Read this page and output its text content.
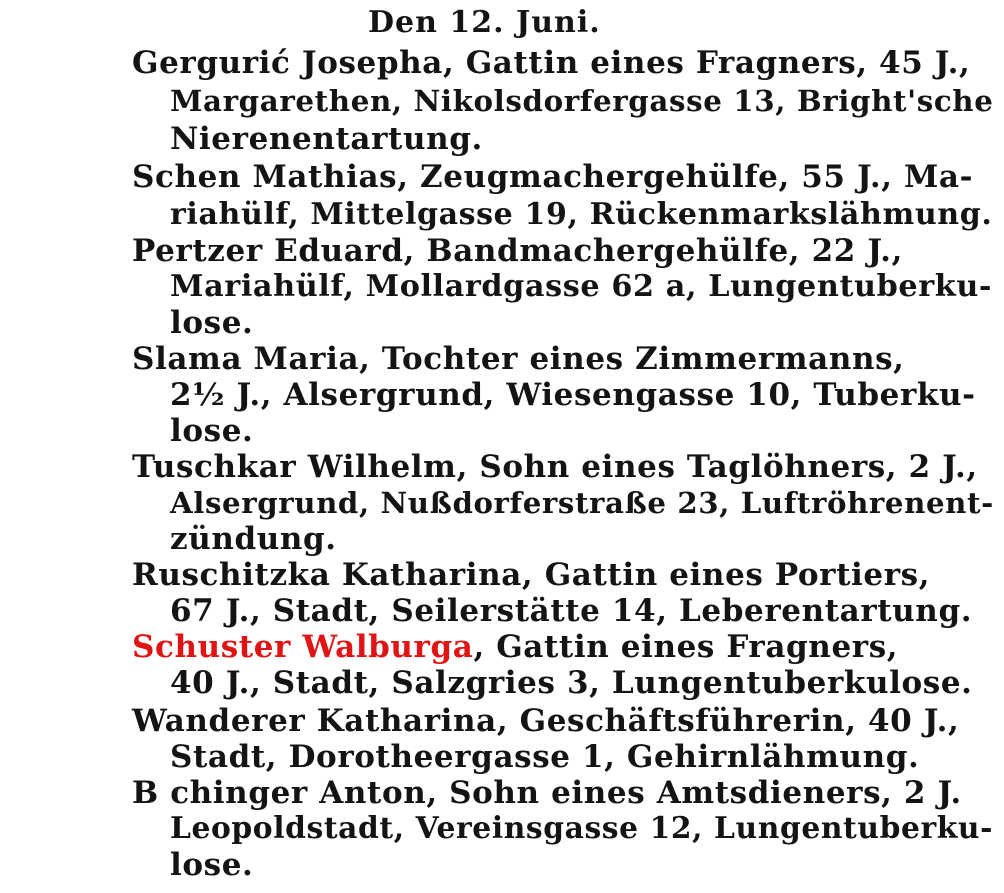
Den 12. Juni.
Gergurić Josepha, Gattin eines Fragners, 45 J.,
Margarethen, Nikolsdorfergasse 13, Bright'sche
Nierenentartung.
Schen Mathias, Zeugmachergehülfe, 55 J., Ma-
riahülf, Mittelgasse 19, Rückenmarkslähmung.
Pertzer Eduard, Bandmachergehülfe, 22 J.,
Mariahülf, Mollardgasse 62 a, Lungentuberku-
lose.
Slama Maria, Tochter eines Zimmermanns,
2½ J., Alsergrund, Wiesengasse 10, Tuberku-
lose.
Tuschkar Wilhelm, Sohn eines Taglöhners, 2 J.,
Alsergrund, Nußdorferstraße 23, Luftröhrenent-
zündung.
Ruschitzka Katharina, Gattin eines Portiers,
67 J., Stadt, Seilerstätte 14, Leberentartung.
Schuster Walburga, Gattin eines Fragners,
40 J., Stadt, Salzgries 3, Lungentuberkulose.
Wanderer Katharina, Geschäftsführerin, 40 J.,
Stadt, Dorotheergasse 1, Gehirnlähmung.
B chinger Anton, Sohn eines Amtsdieners, 2 J.
Leopoldstadt, Vereinsgasse 12, Lungentuberku-
lose.
